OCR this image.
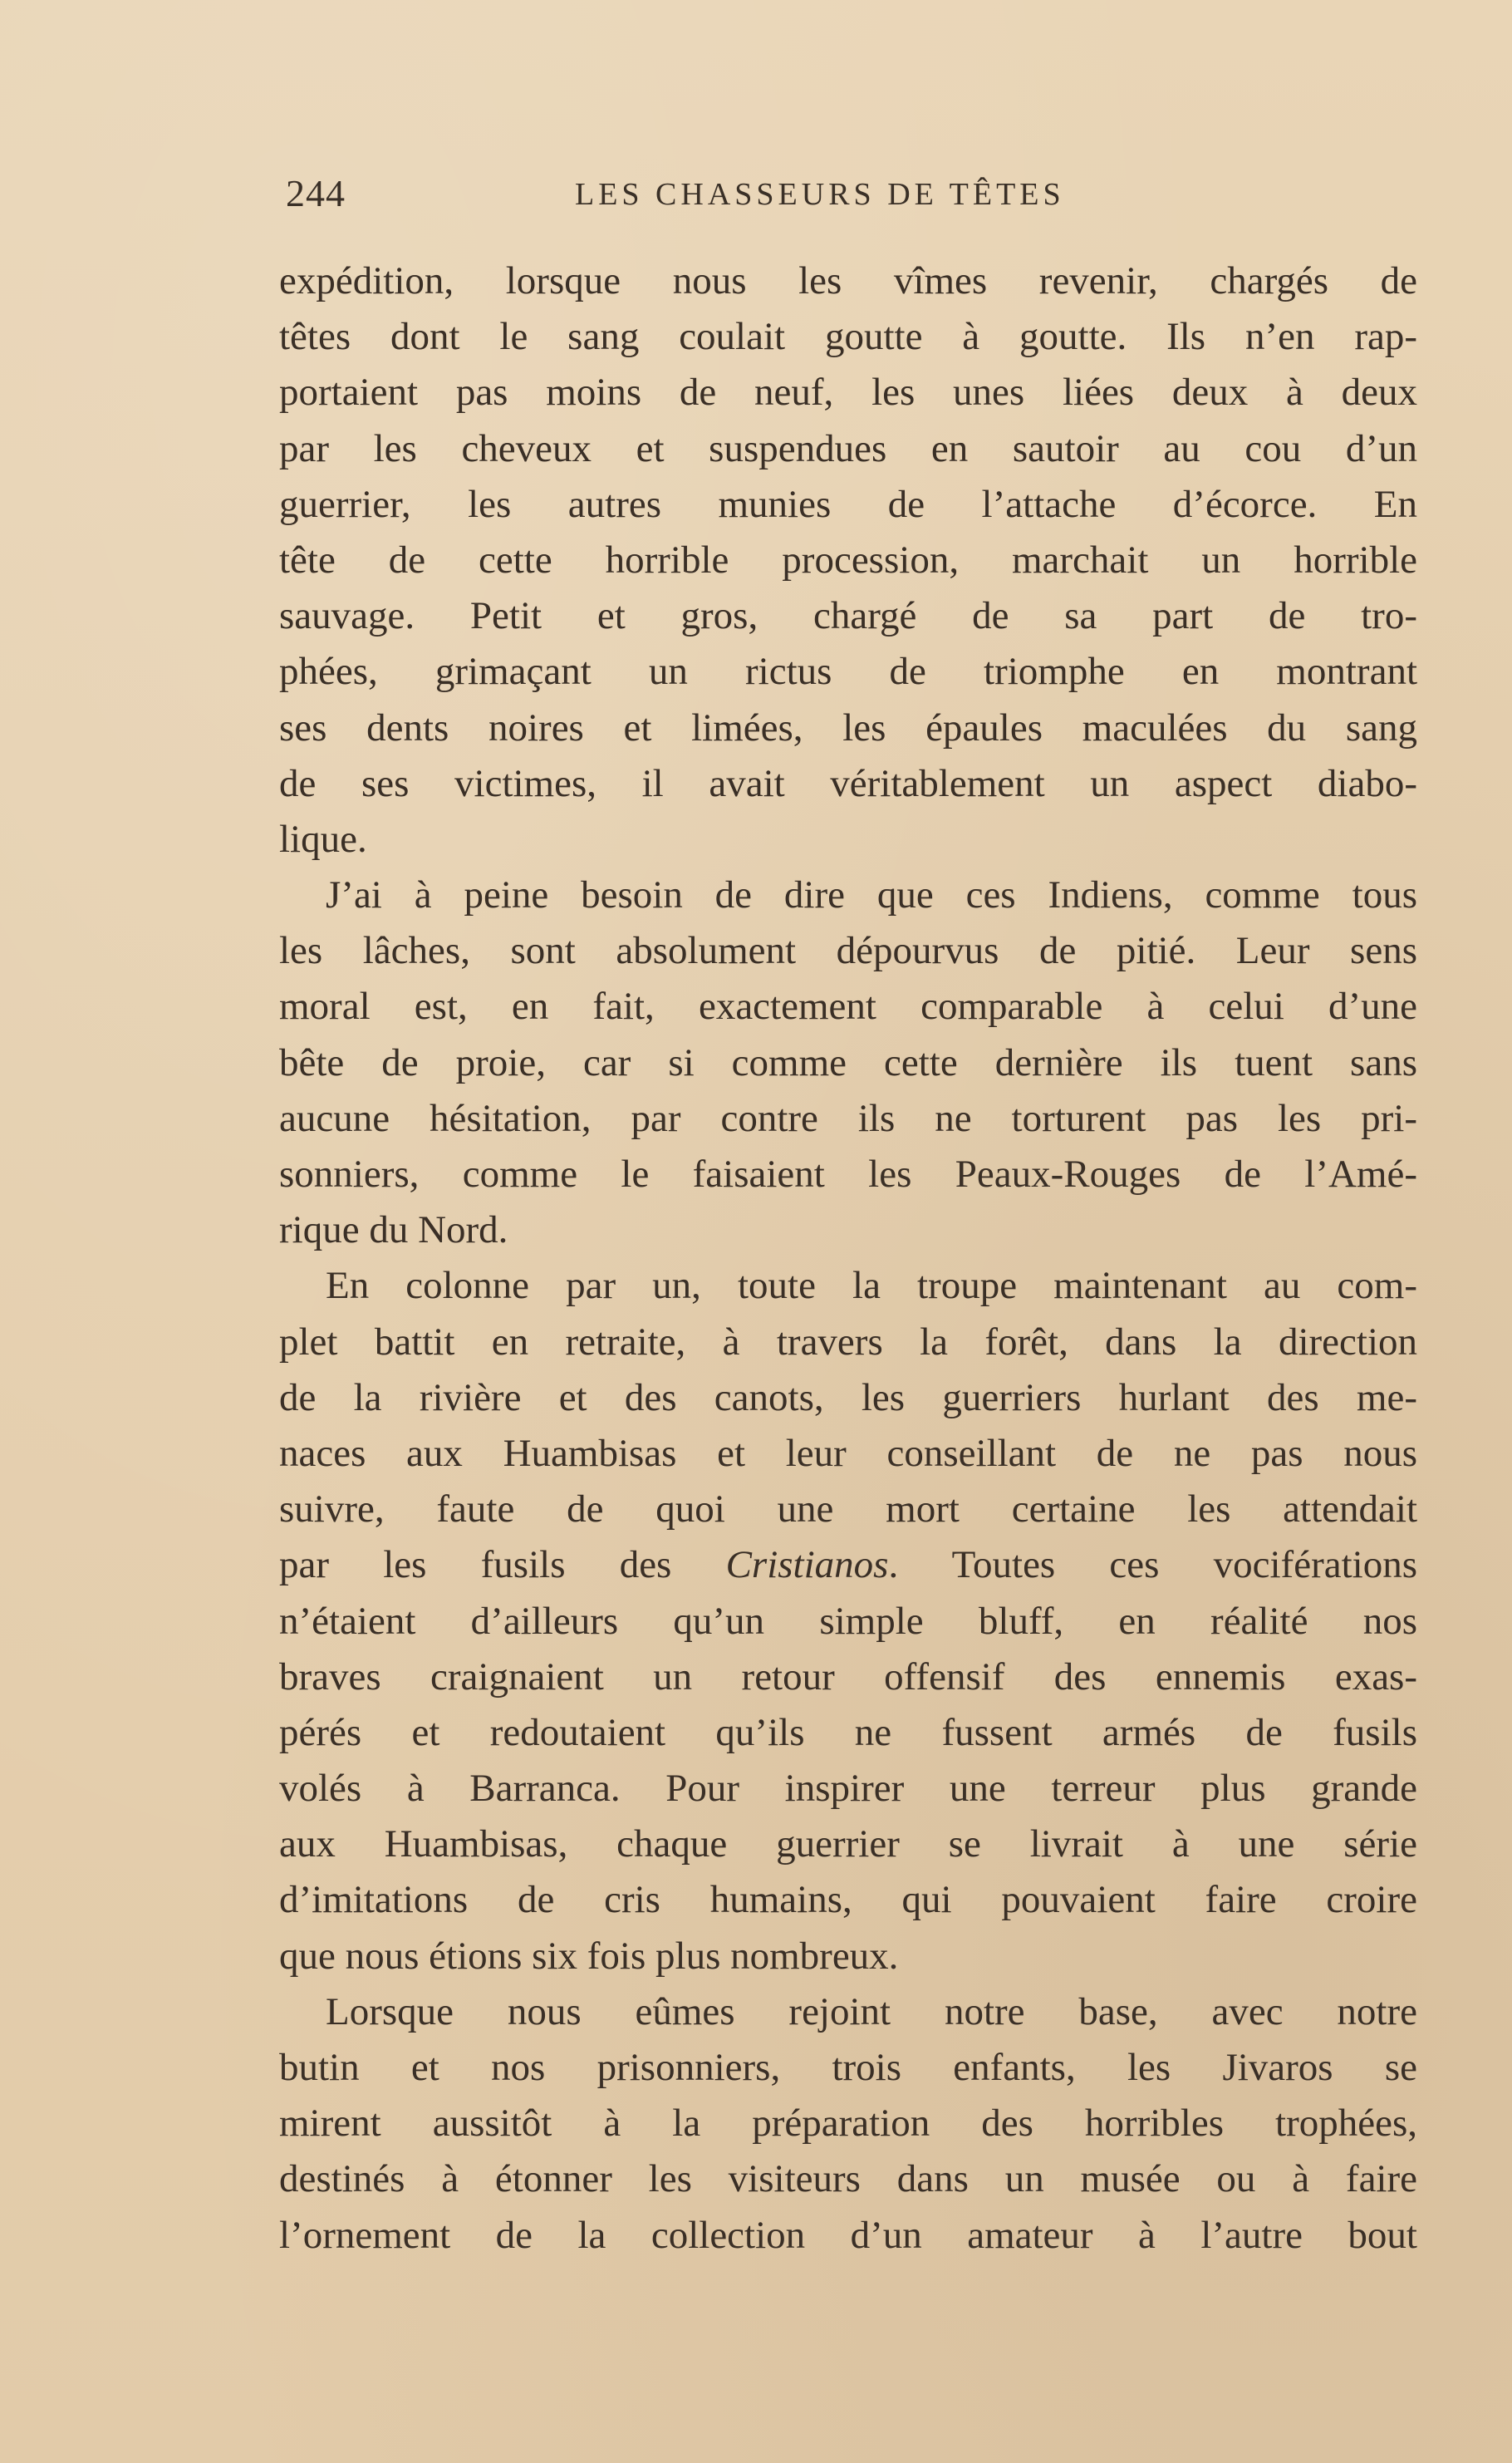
244	LES CHASSEURS DE TÊTES
expédition, lorsque nous les vîmes revenir, chargés de
têtes dont le sang coulait goutte à goutte. Ils n’en rap-
portaient pas moins de neuf, les unes liées deux à deux
par les cheveux et suspendues en sautoir au cou d’un
guerrier, les autres munies de l’attache d’écorce. En
tête de cette horrible procession, marchait un horrible
sauvage. Petit et gros, chargé de sa part de tro-
phées, grimaçant un rictus de triomphe en montrant
ses dents noires et limées, les épaules maculées du sang
de ses victimes, il avait véritablement un aspect diabo-
lique.
J’ai à peine besoin de dire que ces Indiens, comme tous
les lâches, sont absolument dépourvus de pitié. Leur sens
moral est, en fait, exactement comparable à celui d’une
bête de proie, car si comme cette dernière ils tuent sans
aucune hésitation, par contre ils ne torturent pas les pri-
sonniers, comme le faisaient les Peaux-Rouges de l’Amé-
rique du Nord.
En colonne par un, toute la troupe maintenant au com-
plet battit en retraite, à travers la forêt, dans la direction
de la rivière et des canots, les guerriers hurlant des me-
naces aux Huambisas et leur conseillant de ne pas nous
suivre, faute de quoi une mort certaine les attendait
par les fusils des Cristianos. Toutes ces vociférations
n’étaient d’ailleurs qu’un simple bluff, en réalité nos
braves craignaient un retour offensif des ennemis exas-
pérés et redoutaient qu’ils ne fussent armés de fusils
volés à Barranca. Pour inspirer une terreur plus grande
aux Huambisas, chaque guerrier se livrait à une série
d’imitations de cris humains, qui pouvaient faire croire
que nous étions six fois plus nombreux.
Lorsque nous eûmes rejoint notre base, avec notre
butin et nos prisonniers, trois enfants, les Jivaros se
mirent aussitôt à la préparation des horribles trophées,
destinés à étonner les visiteurs dans un musée ou à faire
l’ornement de la collection d’un amateur à l’autre bout
